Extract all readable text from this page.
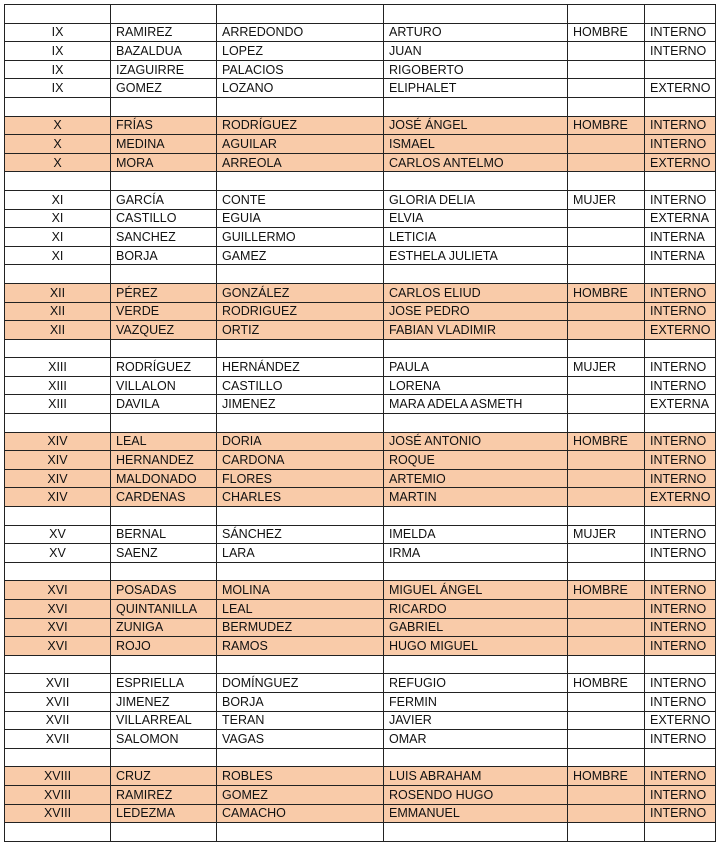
IX	RAMIREZ	ARREDONDO	ARTURO	HOMBRE	INTERNO
IX	BAZALDUA	LOPEZ	JUAN		INTERNO
IX	IZAGUIRRE	PALACIOS	RIGOBERTO		
IX	GOMEZ	LOZANO	ELIPHALET		EXTERNO

X	FRÍAS	RODRÍGUEZ	JOSÉ ÁNGEL	HOMBRE	INTERNO
X	MEDINA	AGUILAR	ISMAEL		INTERNO
X	MORA	ARREOLA	CARLOS ANTELMO		EXTERNO

XI	GARCÍA	CONTE	GLORIA DELIA	MUJER	INTERNO
XI	CASTILLO	EGUIA	ELVIA		EXTERNA
XI	SANCHEZ	GUILLERMO	LETICIA		INTERNA
XI	BORJA	GAMEZ	ESTHELA JULIETA		INTERNA

XII	PÉREZ	GONZÁLEZ	CARLOS ELIUD	HOMBRE	INTERNO
XII	VERDE	RODRIGUEZ	JOSE PEDRO		INTERNO
XII	VAZQUEZ	ORTIZ	FABIAN VLADIMIR		EXTERNO

XIII	RODRÍGUEZ	HERNÁNDEZ	PAULA	MUJER	INTERNO
XIII	VILLALON	CASTILLO	LORENA		INTERNO
XIII	DAVILA	JIMENEZ	MARA ADELA ASMETH		EXTERNA

XIV	LEAL	DORIA	JOSÉ ANTONIO	HOMBRE	INTERNO
XIV	HERNANDEZ	CARDONA	ROQUE		INTERNO
XIV	MALDONADO	FLORES	ARTEMIO		INTERNO
XIV	CARDENAS	CHARLES	MARTIN		EXTERNO

XV	BERNAL	SÁNCHEZ	IMELDA	MUJER	INTERNO
XV	SAENZ	LARA	IRMA		INTERNO

XVI	POSADAS	MOLINA	MIGUEL ÁNGEL	HOMBRE	INTERNO
XVI	QUINTANILLA	LEAL	RICARDO		INTERNO
XVI	ZUNIGA	BERMUDEZ	GABRIEL		INTERNO
XVI	ROJO	RAMOS	HUGO MIGUEL		INTERNO

XVII	ESPRIELLA	DOMÍNGUEZ	REFUGIO	HOMBRE	INTERNO
XVII	JIMENEZ	BORJA	FERMIN		INTERNO
XVII	VILLARREAL	TERAN	JAVIER		EXTERNO
XVII	SALOMON	VAGAS	OMAR		INTERNO

XVIII	CRUZ	ROBLES	LUIS ABRAHAM	HOMBRE	INTERNO
XVIII	RAMIREZ	GOMEZ	ROSENDO HUGO		INTERNO
XVIII	LEDEZMA	CAMACHO	EMMANUEL		INTERNO
